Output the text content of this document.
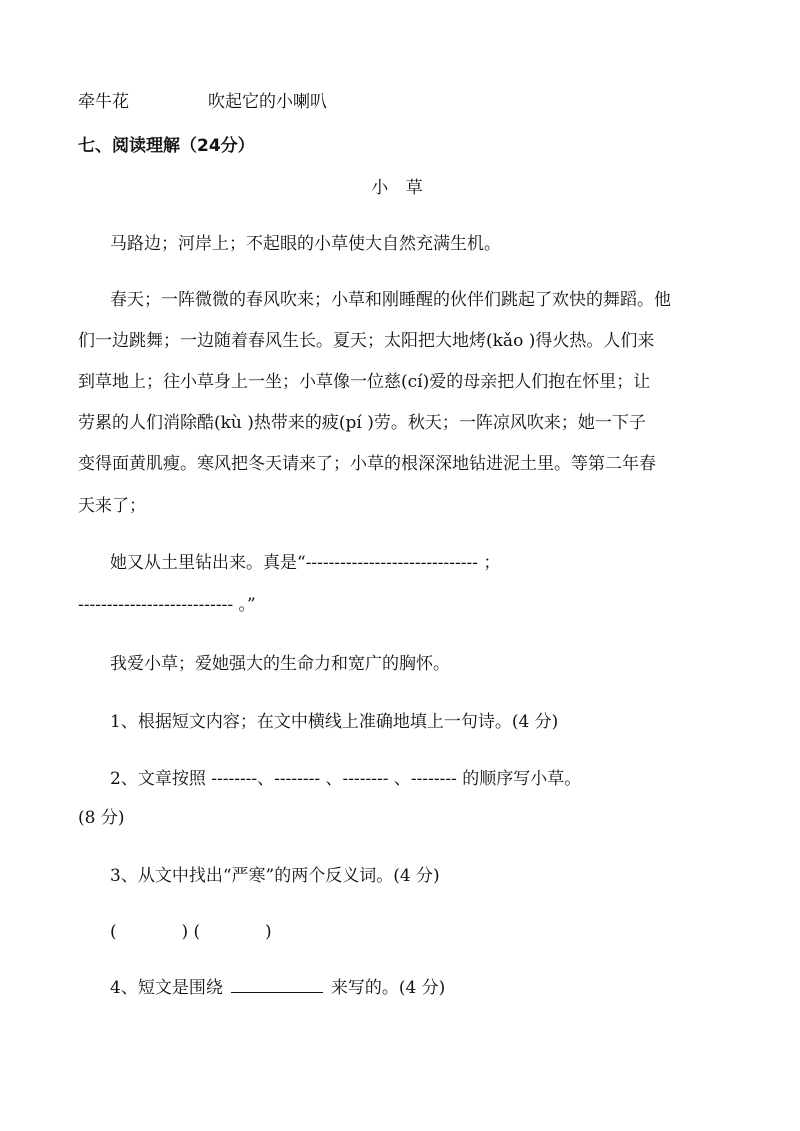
牵牛花	吹起它的小喇叭
七、阅读理解（24分）
小 草
马路边；河岸上；不起眼的小草使大自然充满生机。
春天；一阵微微的春风吹来；小草和刚睡醒的伙伴们跳起了欢快的舞蹈。他
们一边跳舞；一边随着春风生长。夏天；太阳把大地烤(kǎo )得火热。人们来
到草地上；往小草身上一坐；小草像一位慈(cí)爱的母亲把人们抱在怀里；让
劳累的人们消除酷(kù )热带来的疲(pí )劳。秋天；一阵凉风吹来；她一下子
变得面黄肌瘦。寒风把冬天请来了；小草的根深深地钻进泥土里。等第二年春
天来了；
她又从土里钻出来。真是“------------------------------ ；
--------------------------- 。”
我爱小草；爱她强大的生命力和宽广的胸怀。
1、根据短文内容；在文中横线上准确地填上一句诗。(4 分)
2、文章按照 --------、-------- 、-------- 、-------- 的顺序写小草。
(8 分)
3、从文中找出“严寒”的两个反义词。(4 分)
(            ) (            )
4、短文是围绕	来写的。(4 分)
